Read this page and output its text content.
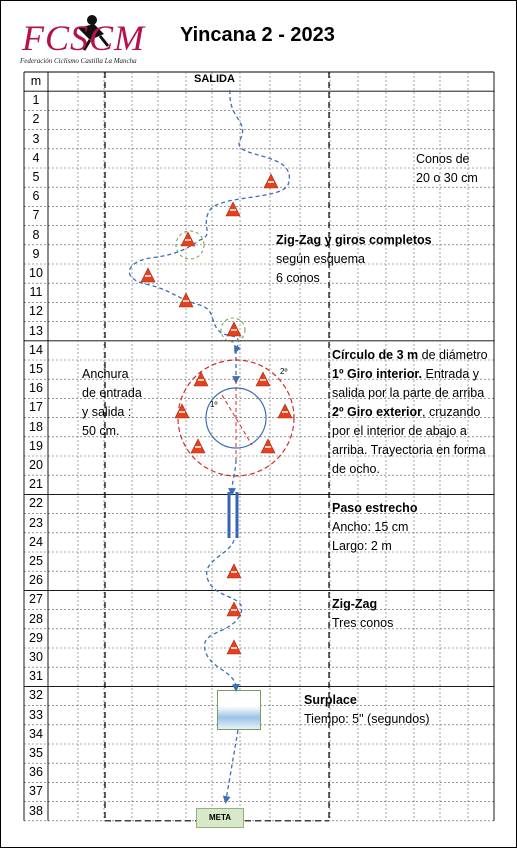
FCSCM
Federación Ciclismo Castilla La Mancha
Yincana 2 - 2023
m
1
2
3
4
5
6
7
8
9
10
11
12
13
14
15
16
17
18
19
20
21
22
23
24
25
26
27
28
29
30
31
32
33
34
35
36
37
38
SALIDA
Conos de
20 o 30 cm
Zig-Zag y giros completos
según esquema
6 conos
Anchura
de entrada
y salida :
50 cm.
Círculo de 3 m de diámetro
1º Giro interior. Entrada y
salida por la parte de arriba
2º Giro exterior, cruzando
por el interior de abajo a
arriba. Trayectoria en forma
de ocho.
Paso estrecho
Ancho: 15 cm
Largo: 2 m
Zig-Zag
Tres conos
Surplace
Tiempo: 5" (segundos)
META
1º
2º
